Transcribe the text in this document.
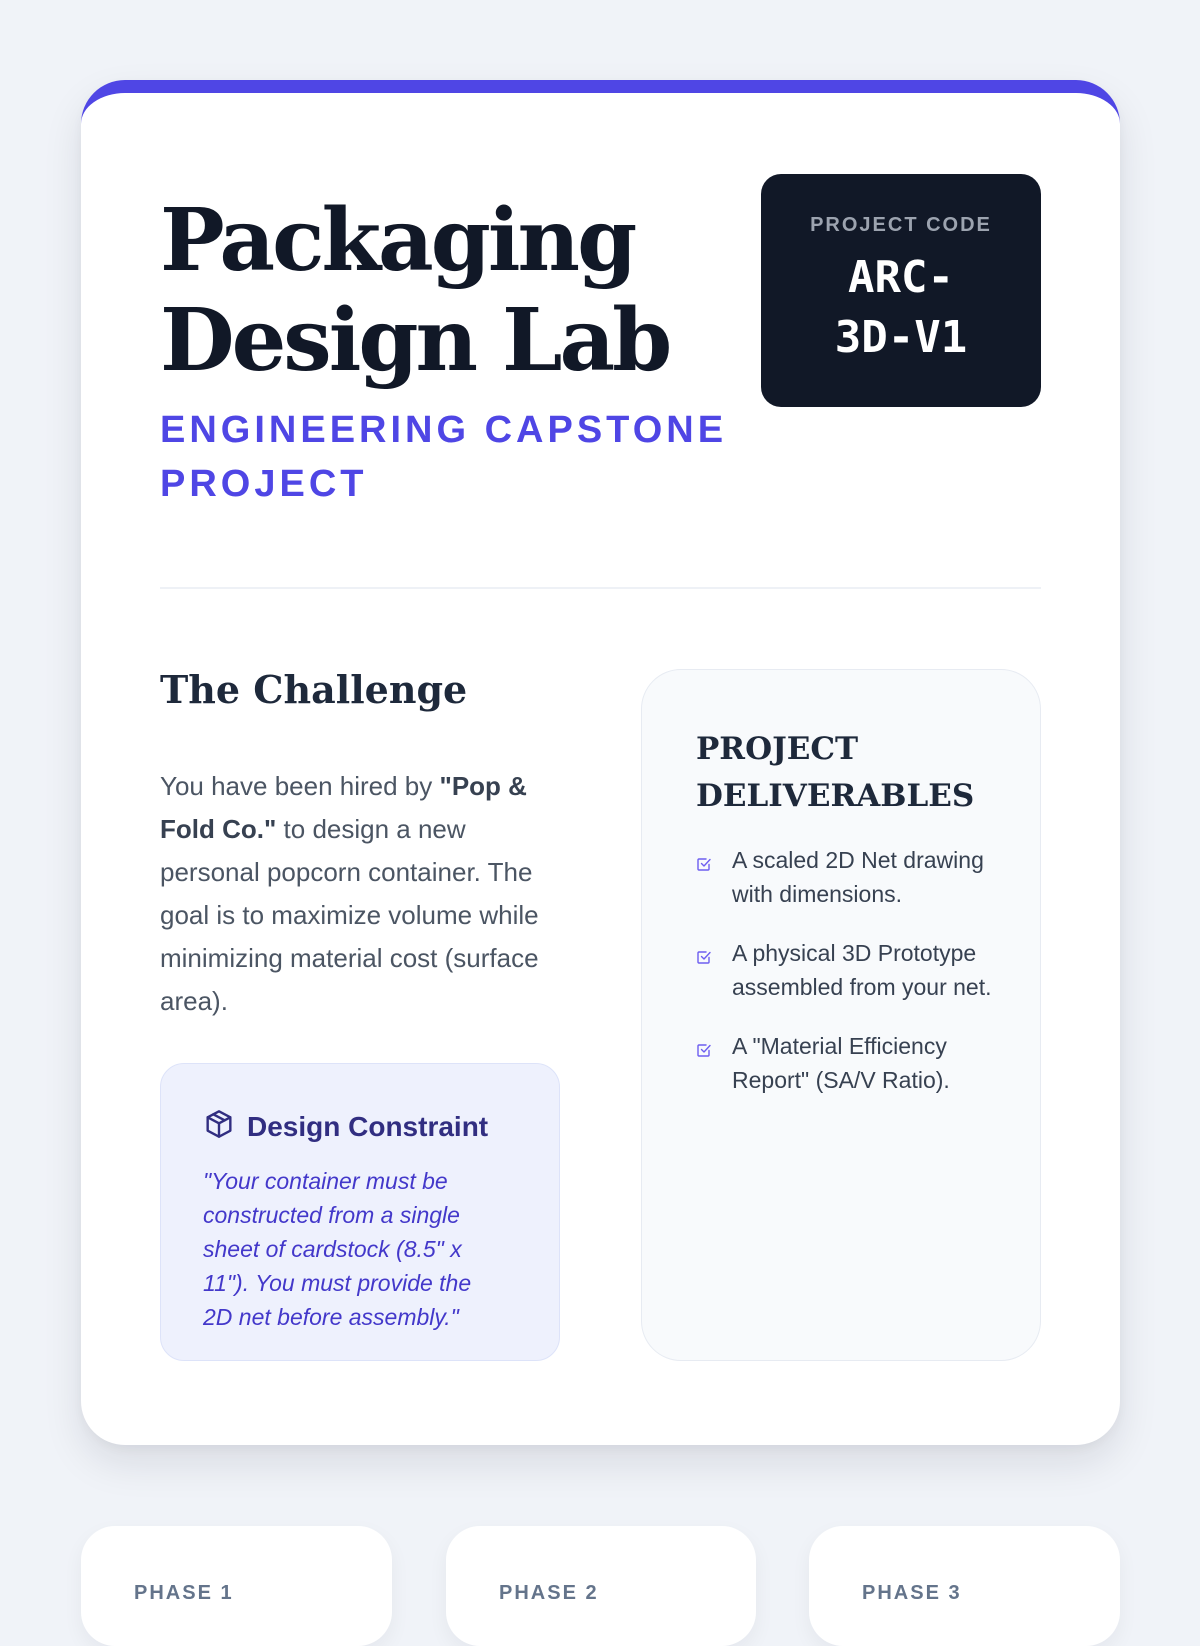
Packaging
Design Lab
ENGINEERING CAPSTONE PROJECT
PROJECT CODE
ARC-
3D-V1
The Challenge

You have been hired by "Pop & Fold Co." to design a new personal popcorn container. The goal is to maximize volume while minimizing material cost (surface area).

Design Constraint

"Your container must be constructed from a single sheet of cardstock (8.5" x 11"). You must provide the 2D net before assembly."

PROJECT
DELIVERABLES
A scaled 2D Net drawing with dimensions.
A physical 3D Prototype assembled from your net.
A "Material Efficiency Report" (SA/V Ratio).
PHASE 1	PHASE 2	PHASE 3
